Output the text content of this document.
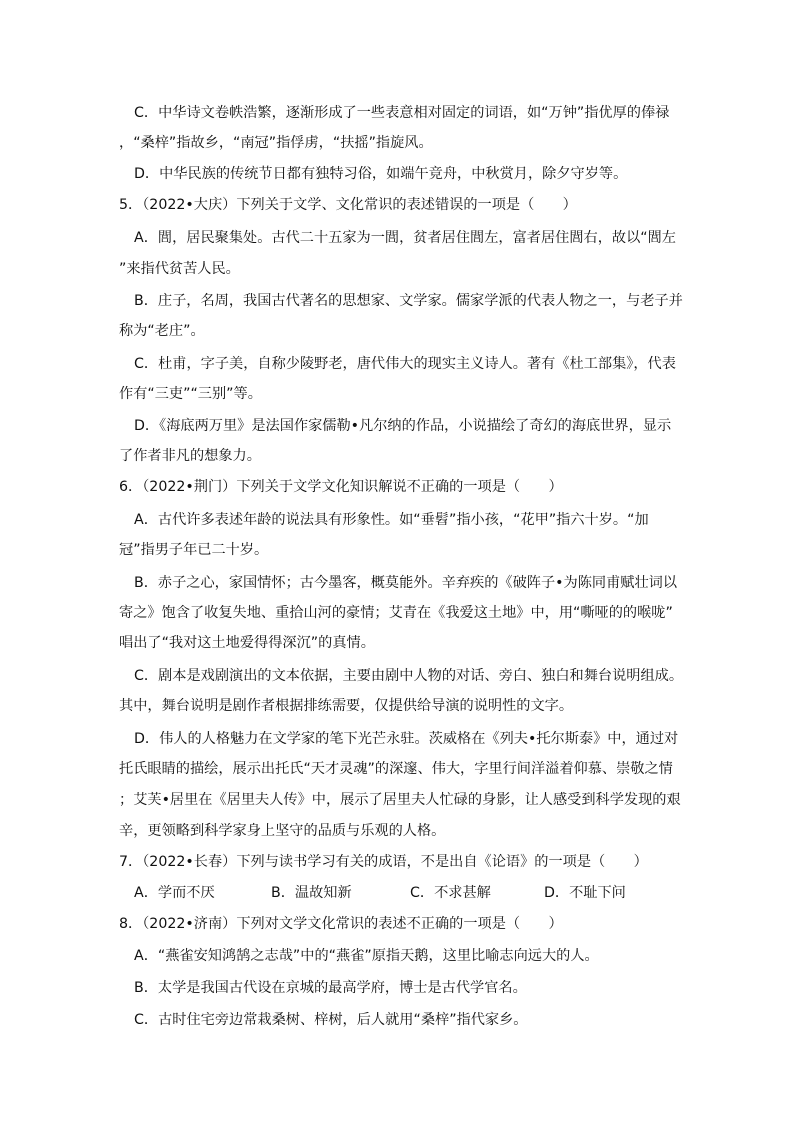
C．中华诗文卷帙浩繁，逐渐形成了一些表意相对固定的词语，如“万钟”指优厚的俸禄
，“桑梓”指故乡，“南冠”指俘虏，“扶摇”指旋风。
D．中华民族的传统节日都有独特习俗，如端午竞舟，中秋赏月，除夕守岁等。
5．（2022•大庆）下列关于文学、文化常识的表述错误的一项是（　　）
A．閭，居民聚集处。古代二十五家为一閭，贫者居住閭左，富者居住閭右，故以“閭左
”来指代贫苦人民。
B．庄子，名周，我国古代著名的思想家、文学家。儒家学派的代表人物之一，与老子并
称为“老庄”。
C．杜甫，字子美，自称少陵野老，唐代伟大的现实主义诗人。著有《杜工部集》，代表
作有“三吏”“三别”等。
D．《海底两万里》是法国作家儒勒•凡尔纳的作品，小说描绘了奇幻的海底世界，显示
了作者非凡的想象力。
6．（2022•荆门）下列关于文学文化知识解说不正确的一项是（　　）
A．古代许多表述年龄的说法具有形象性。如“垂髫”指小孩，“花甲”指六十岁。“加
冠”指男子年已二十岁。
B．赤子之心，家国情怀；古今墨客，概莫能外。辛弃疾的《破阵子•为陈同甫赋壮词以
寄之》饱含了收复失地、重拾山河的豪情；艾青在《我爱这土地》中，用“嘶哑的的喉咙”
唱出了“我对这土地爱得得深沉”的真情。
C．剧本是戏剧演出的文本依据，主要由剧中人物的对话、旁白、独白和舞台说明组成。
其中，舞台说明是剧作者根据排练需要，仅提供给导演的说明性的文字。
D．伟人的人格魅力在文学家的笔下光芒永驻。茨威格在《列夫•托尔斯泰》中，通过对
托氏眼睛的描绘，展示出托氏“天才灵魂”的深邃、伟大，字里行间洋溢着仰慕、崇敬之情
；艾芙•居里在《居里夫人传》中，展示了居里夫人忙碌的身影，让人感受到科学发现的艰
辛，更领略到科学家身上坚守的品质与乐观的人格。
7．（2022•长春）下列与读书学习有关的成语，不是出自《论语》的一项是（　　）
A．学而不厌	B．温故知新	C．不求甚解	D．不耻下问
8．（2022•济南）下列对文学文化常识的表述不正确的一项是（　　）
A．“燕雀安知鸿鹄之志哉”中的“燕雀”原指天鹅，这里比喻志向远大的人。
B．太学是我国古代设在京城的最高学府，博士是古代学官名。
C．古时住宅旁边常栽桑树、梓树，后人就用“桑梓”指代家乡。
